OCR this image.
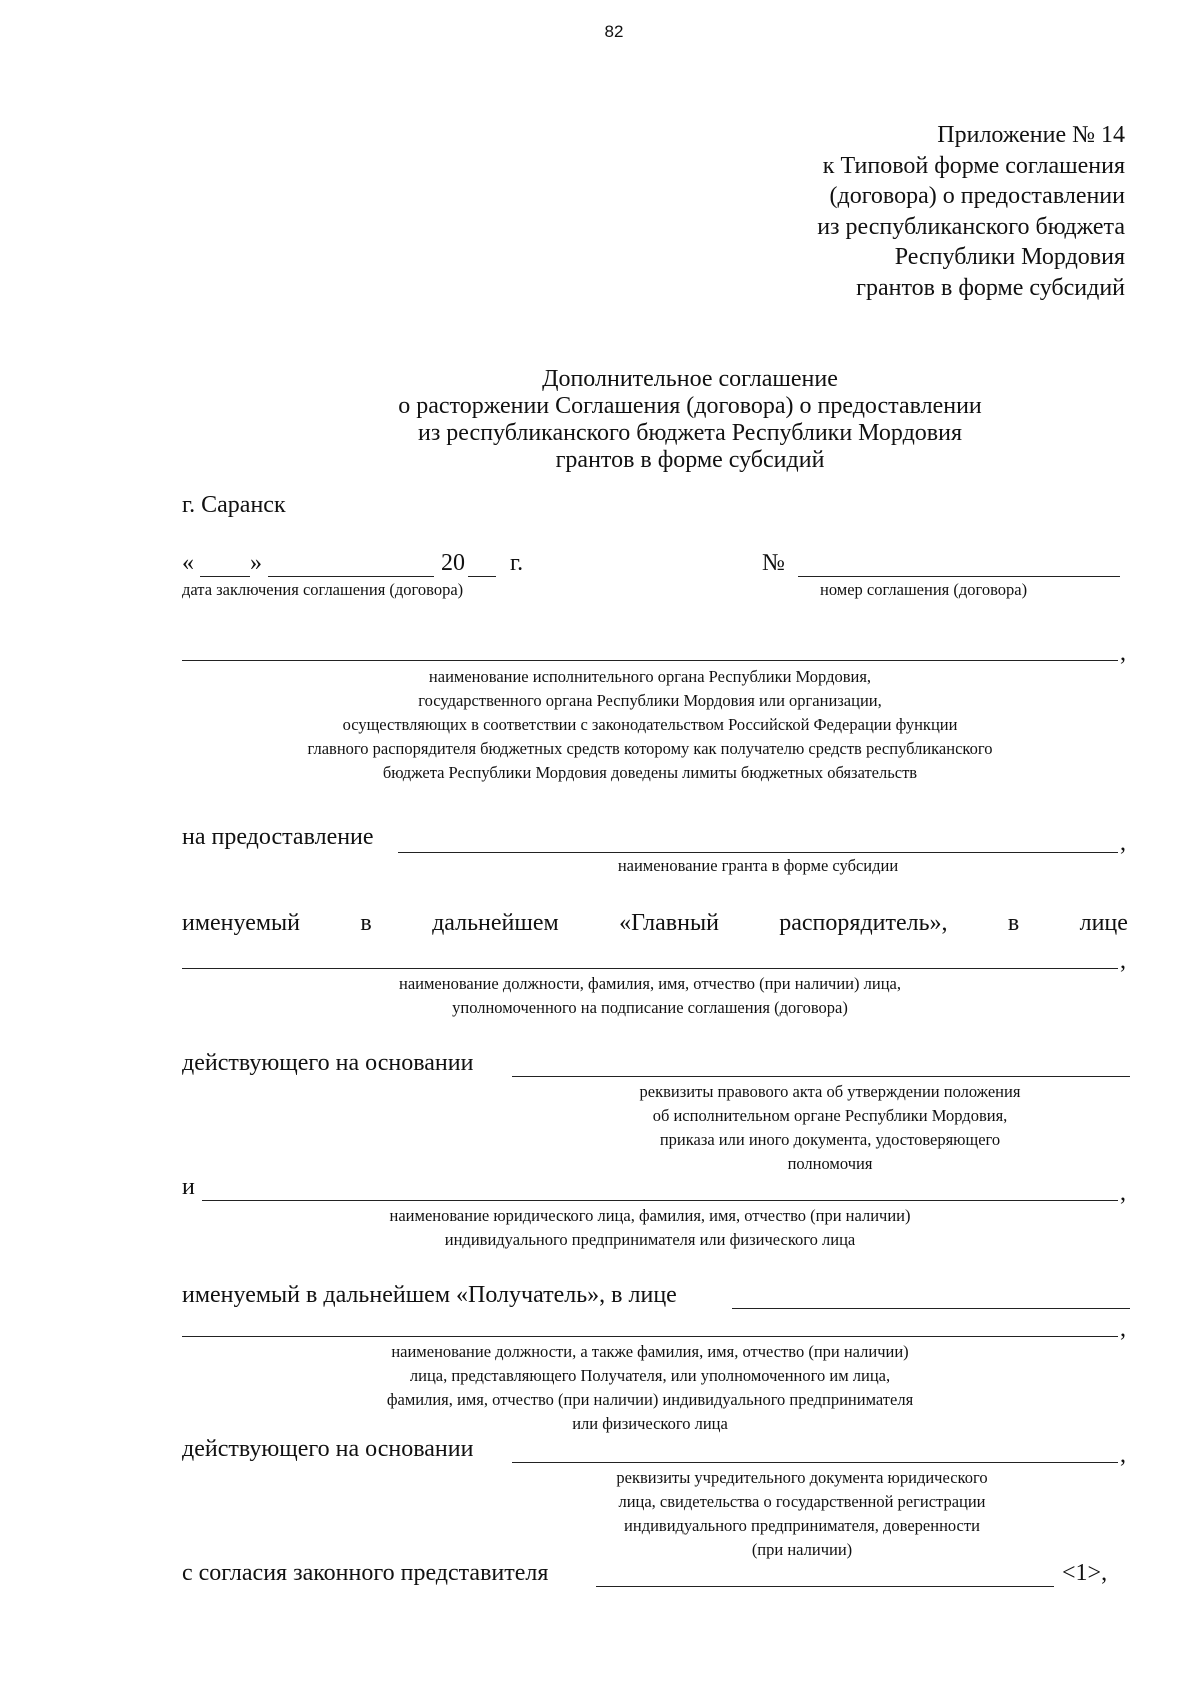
82
Приложение № 14
к Типовой форме соглашения
(договора) о предоставлении
из республиканского бюджета
Республики Мордовия
грантов в форме субсидий
Дополнительное соглашение
о расторжении Соглашения (договора) о предоставлении
из республиканского бюджета Республики Мордовия
грантов в форме субсидий
г. Саранск
« »	20 г.	№
дата заключения соглашения (договора)	номер соглашения (договора)
,
наименование исполнительного органа Республики Мордовия,
государственного органа Республики Мордовия или организации,
осуществляющих в соответствии с законодательством Российской Федерации функции
главного распорядителя бюджетных средств которому как получателю средств республиканского
бюджета Республики Мордовия доведены лимиты бюджетных обязательств
на предоставление	,
наименование гранта в форме субсидии
именуемый	в	дальнейшем	«Главный	распорядитель»,	в	лице
,
наименование должности, фамилия, имя, отчество (при наличии) лица,
уполномоченного на подписание соглашения (договора)
действующего на основании
реквизиты правового акта об утверждении положения
об исполнительном органе Республики Мордовия,
приказа или иного документа, удостоверяющего
полномочия
и	,
наименование юридического лица, фамилия, имя, отчество (при наличии)
индивидуального предпринимателя или физического лица
именуемый в дальнейшем «Получатель», в лице
,
наименование должности, а также фамилия, имя, отчество (при наличии)
лица, представляющего Получателя, или уполномоченного им лица,
фамилия, имя, отчество (при наличии) индивидуального предпринимателя
или физического лица
действующего на основании	,
реквизиты учредительного документа юридического
лица, свидетельства о государственной регистрации
индивидуального предпринимателя, доверенности
(при наличии)
с согласия законного представителя	<1>,
